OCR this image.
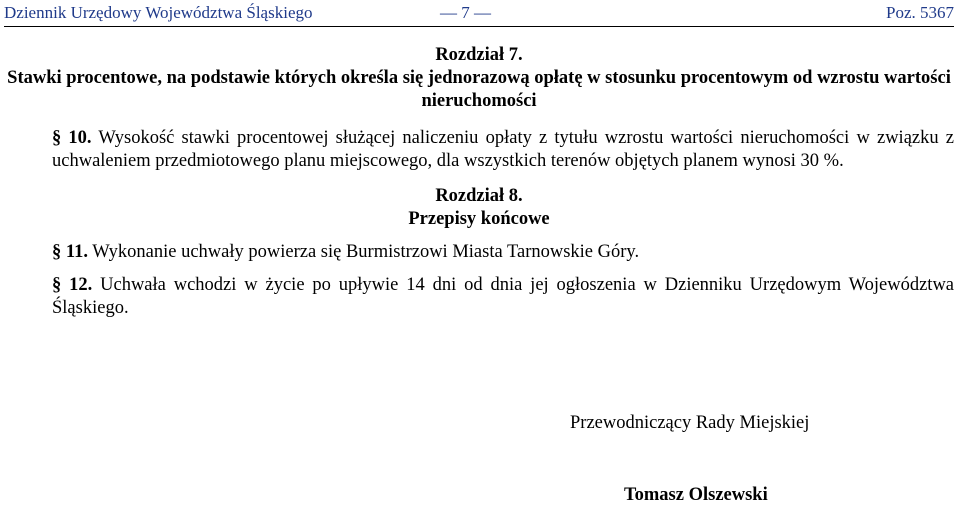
Dziennik Urzędowy Województwa Śląskiego	— 7 —	Poz. 5367

Rozdział 7.

Stawki procentowe, na podstawie których określa się jednorazową opłatę w stosunku procentowym od wzrostu wartości nieruchomości

§ 10. Wysokość stawki procentowej służącej naliczeniu opłaty z tytułu wzrostu wartości nieruchomości w związku z uchwaleniem przedmiotowego planu miejscowego, dla wszystkich terenów objętych planem wynosi 30 %.

Rozdział 8.

Przepisy końcowe

§ 11. Wykonanie uchwały powierza się Burmistrzowi Miasta Tarnowskie Góry.

§ 12. Uchwała wchodzi w życie po upływie 14 dni od dnia jej ogłoszenia w Dzienniku Urzędowym Województwa Śląskiego.

Przewodniczący Rady Miejskiej
Tomasz Olszewski
